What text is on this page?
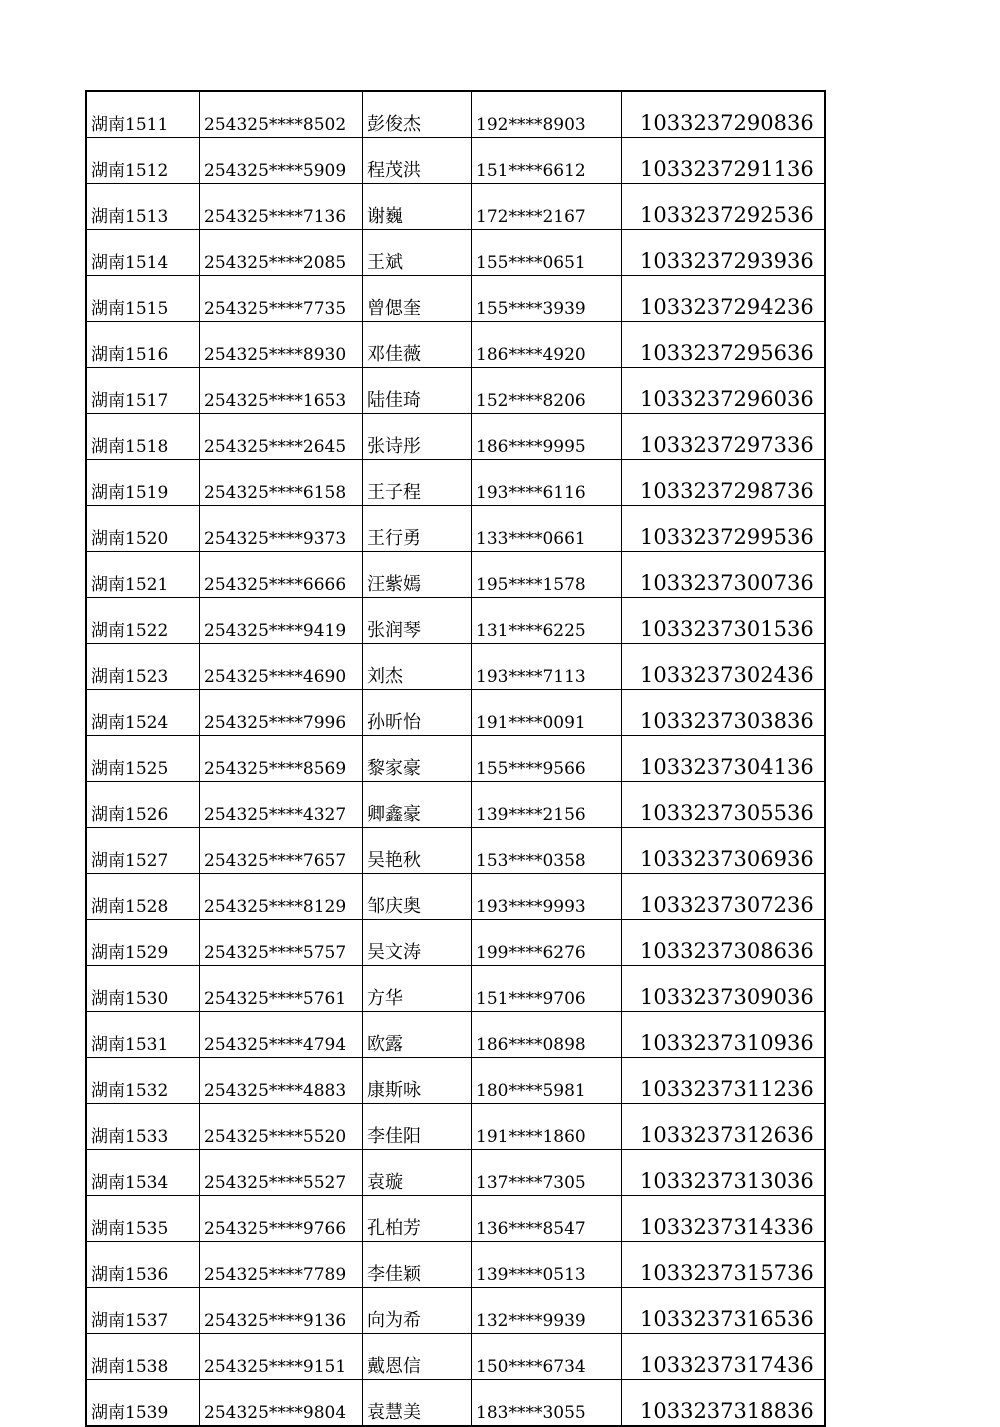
湖南1511	254325****8502	彭俊杰	192****8903	1033237290836
湖南1512	254325****5909	程茂洪	151****6612	1033237291136
湖南1513	254325****7136	谢巍	172****2167	1033237292536
湖南1514	254325****2085	王斌	155****0651	1033237293936
湖南1515	254325****7735	曾偲奎	155****3939	1033237294236
湖南1516	254325****8930	邓佳薇	186****4920	1033237295636
湖南1517	254325****1653	陆佳琦	152****8206	1033237296036
湖南1518	254325****2645	张诗彤	186****9995	1033237297336
湖南1519	254325****6158	王子程	193****6116	1033237298736
湖南1520	254325****9373	王行勇	133****0661	1033237299536
湖南1521	254325****6666	汪紫嫣	195****1578	1033237300736
湖南1522	254325****9419	张润琴	131****6225	1033237301536
湖南1523	254325****4690	刘杰	193****7113	1033237302436
湖南1524	254325****7996	孙昕怡	191****0091	1033237303836
湖南1525	254325****8569	黎家豪	155****9566	1033237304136
湖南1526	254325****4327	卿鑫豪	139****2156	1033237305536
湖南1527	254325****7657	吴艳秋	153****0358	1033237306936
湖南1528	254325****8129	邹庆奥	193****9993	1033237307236
湖南1529	254325****5757	吴文涛	199****6276	1033237308636
湖南1530	254325****5761	方华	151****9706	1033237309036
湖南1531	254325****4794	欧露	186****0898	1033237310936
湖南1532	254325****4883	康斯咏	180****5981	1033237311236
湖南1533	254325****5520	李佳阳	191****1860	1033237312636
湖南1534	254325****5527	袁璇	137****7305	1033237313036
湖南1535	254325****9766	孔柏芳	136****8547	1033237314336
湖南1536	254325****7789	李佳颖	139****0513	1033237315736
湖南1537	254325****9136	向为希	132****9939	1033237316536
湖南1538	254325****9151	戴恩信	150****6734	1033237317436
湖南1539	254325****9804	袁慧美	183****3055	1033237318836
